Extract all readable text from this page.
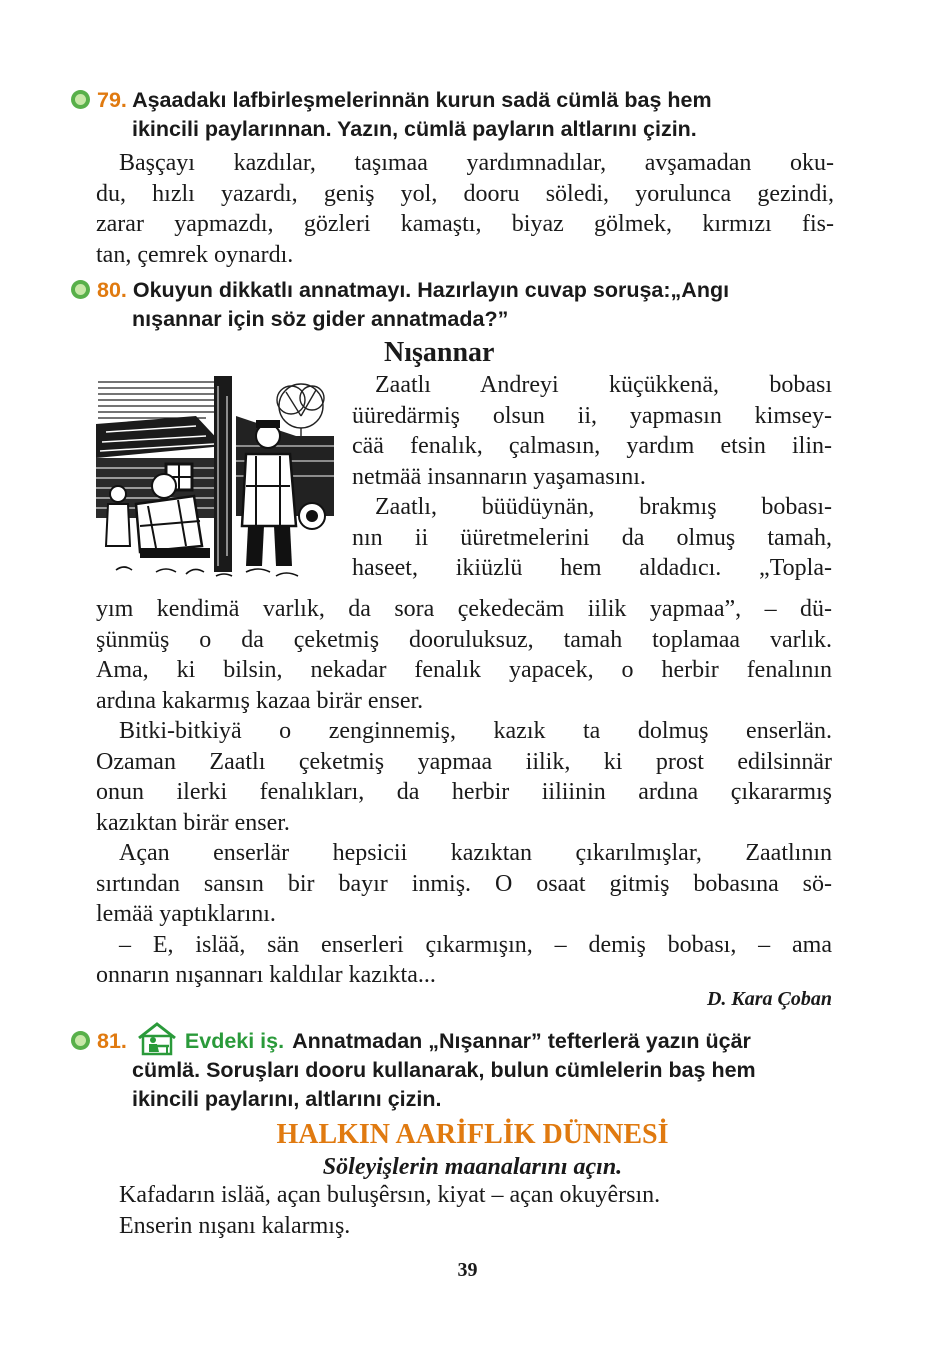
79. Aşaadakı lafbirleşmelerinnän kurun sadä cümlä baş hem
ikincili paylarınnan. Yazın, cümlä payların altlarını çizin.
Başçayı kazdılar, taşımaa yardımnadılar, avşamadan oku-
du, hızlı yazardı, geniş yol, dooru söledi, yorulunca gezindi,
zarar yapmazdı, gözleri kamaştı, biyaz gölmek, kırmızı fis-
tan, çemrek oynardı.
80. Okuyun dikkatlı annatmayı. Hazırlayın cuvap soruşa:„Angı
nışannar için söz gider annatmada?”
Nışannar
Zaatlı Andreyi küçükkenä, bobası
üüredärmiş olsun ii, yapmasın kimsey-
cää fenalık, çalmasın, yardım etsin ilin-
netmää insannarın yaşamasını.
Zaatlı, büüdüynän, brakmış bobası-
nın ii üüretmelerini da olmuş tamah,
haseet, ikiüzlü hem aldadıcı. „Topla-
yım kendimä varlık, da sora çekedecäm iilik yapmaa”, – dü-
şünmüş o da çeketmiş dooruluksuz, tamah toplamaa varlık.
Ama, ki bilsin, nekadar fenalık yapacek, o herbir fenalının
ardına kakarmış kazaa birär enser.
Bitki-bitkiyä o zenginnemiş, kazık ta dolmuş enserlän.
Ozaman Zaatlı çeketmiş yapmaa iilik, ki prost edilsinnär
onun ilerki fenalıkları, da herbir iiliinin ardına çıkararmış
kazıktan birär enser.
Açan enserlär hepsicii kazıktan çıkarılmışlar, Zaatlının
sırtından sansın bir bayır inmiş. O osaat gitmiş bobasına sö-
lemää yaptıklarını.
– E, isläă, sän enserleri çıkarmışın, – demiş bobası, – ama
onnarın nışannarı kaldılar kazıkta...
D. Kara Çoban
81.	Evdeki iş. Annatmadan „Nışannar” tefterlerä yazın üçär
cümlä. Soruşları dooru kullanarak, bulun cümlelerin baş hem
ikincili paylarını, altlarını çizin.
HALKIN AARİFLİK DÜNNESİ
Söleyişlerin maanalarını açın.
Kafadarın isläă, açan buluşêrsın, kiyat – açan okuyêrsın.
Enserin nışanı kalarmış.
39
